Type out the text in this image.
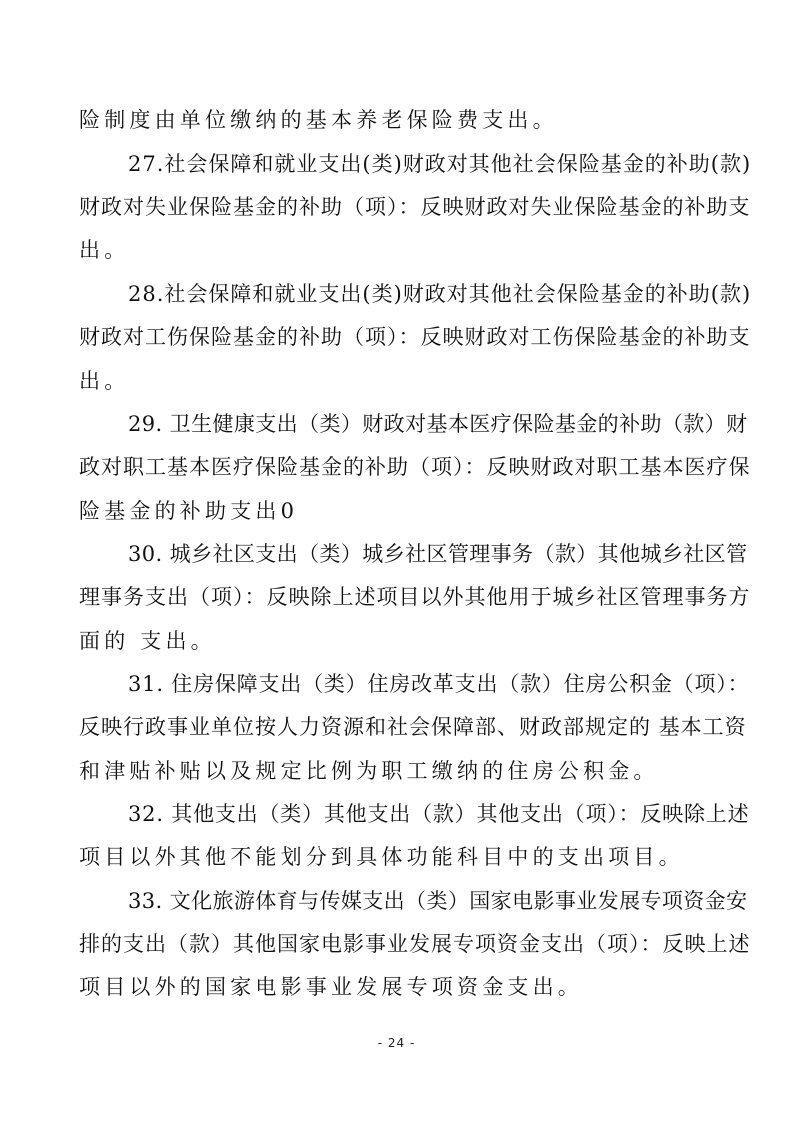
险制度由单位缴纳的基本养老保险费支出。
27.社会保障和就业支出(类)财政对其他社会保险基金的补助(款)
财政对失业保险基金的补助（项）：反映财政对失业保险基金的补助支
出。
28.社会保障和就业支出(类)财政对其他社会保险基金的补助(款)
财政对工伤保险基金的补助（项）：反映财政对工伤保险基金的补助支
出。
29. 卫生健康支出（类）财政对基本医疗保险基金的补助（款）财
政对职工基本医疗保险基金的补助（项）：反映财政对职工基本医疗保
险基金的补助支出0
30. 城乡社区支出（类）城乡社区管理事务（款）其他城乡社区管
理事务支出（项）：反映除上述项目以外其他用于城乡社区管理事务方
面的 支出。
31. 住房保障支出（类）住房改革支出（款）住房公积金（项）：
反映行政事业单位按人力资源和社会保障部、财政部规定的 基本工资
和津贴补贴以及规定比例为职工缴纳的住房公积金。
32. 其他支出（类）其他支出（款）其他支出（项）：反映除上述
项目以外其他不能划分到具体功能科目中的支出项目。
33. 文化旅游体育与传媒支出（类）国家电影事业发展专项资金安
排的支出（款）其他国家电影事业发展专项资金支出（项）：反映上述
项目以外的国家电影事业发展专项资金支出。
- 24 -
